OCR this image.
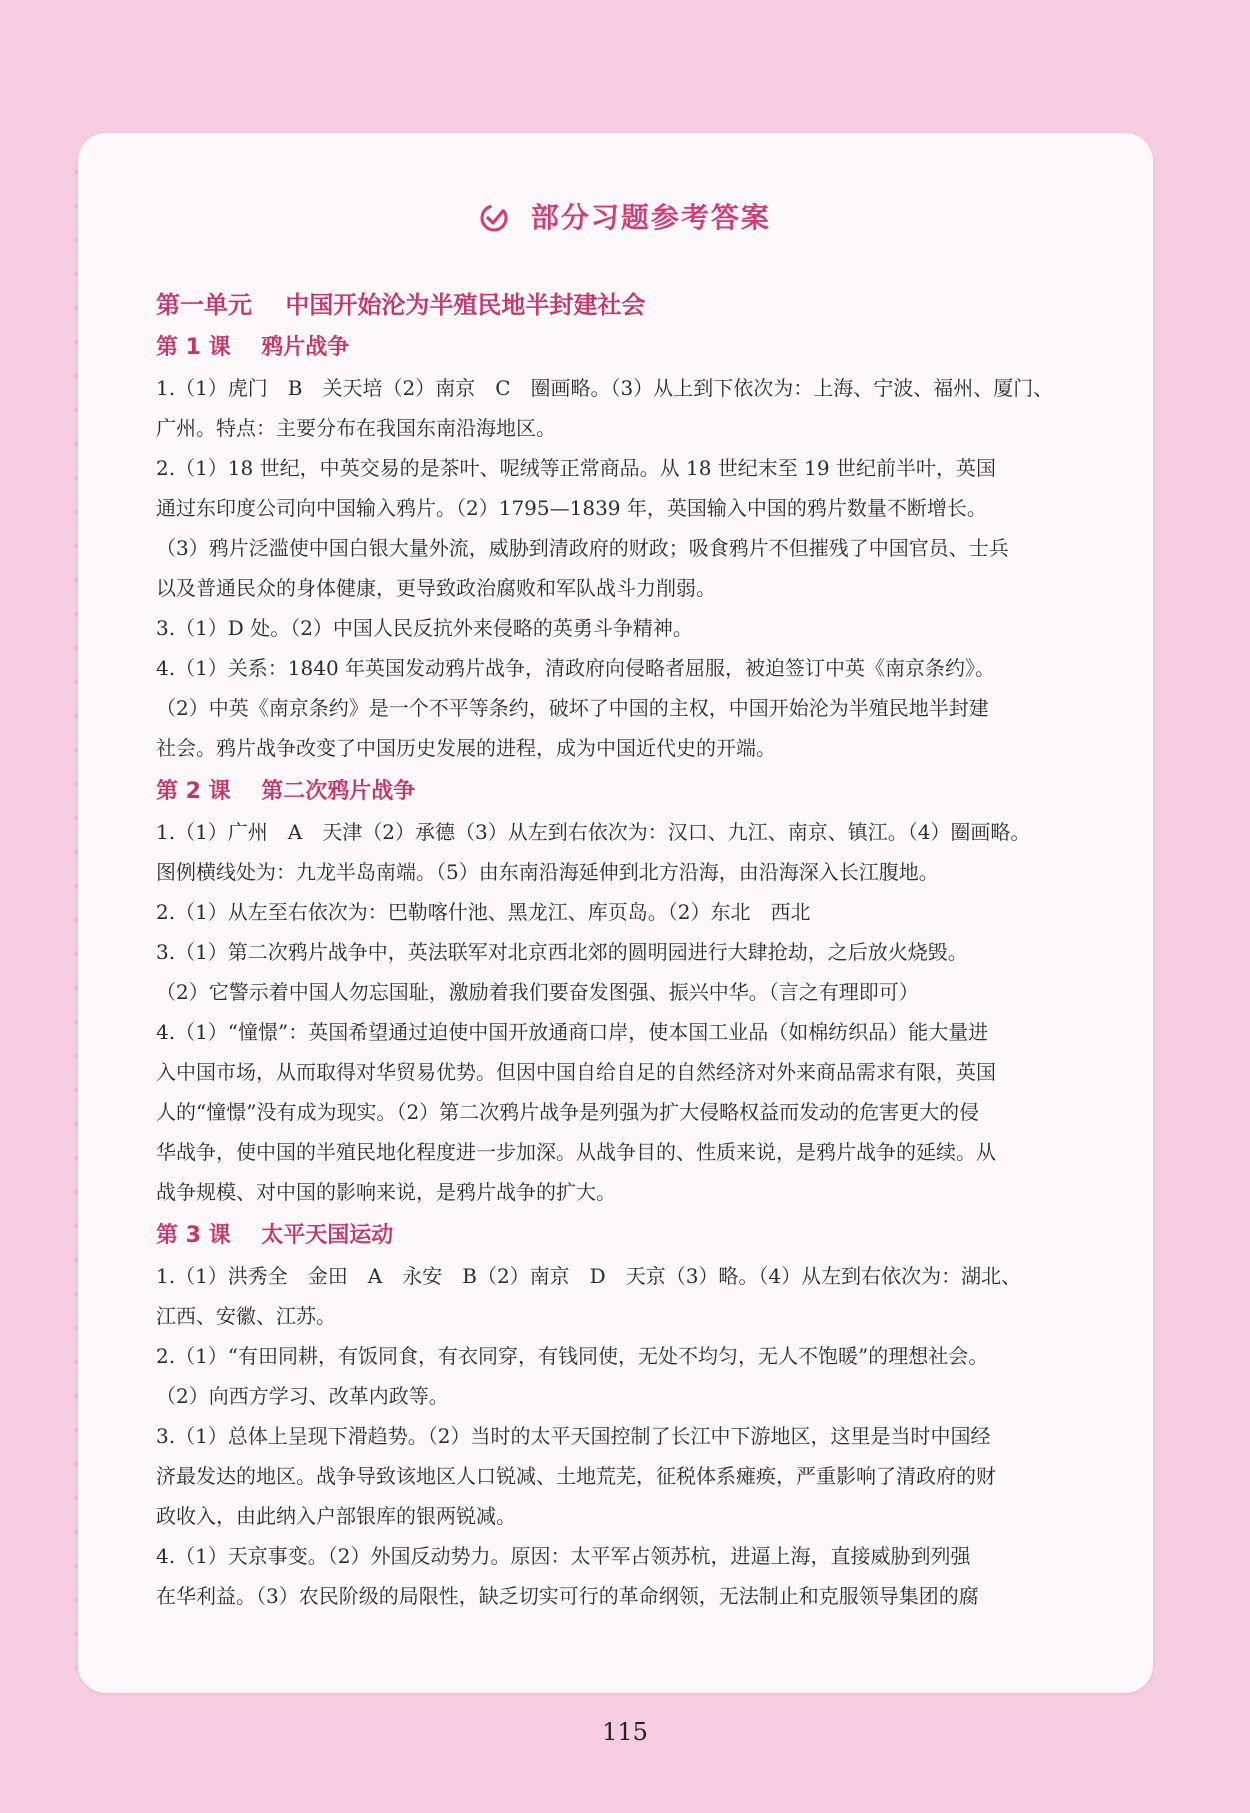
部分习题参考答案
第一单元    中国开始沦为半殖民地半封建社会
第 1 课    鸦片战争
1.（1）虎门　B　关天培（2）南京　C　圈画略。（3）从上到下依次为：上海、宁波、福州、厦门、
广州。特点：主要分布在我国东南沿海地区。
2.（1）18 世纪，中英交易的是茶叶、呢绒等正常商品。从 18 世纪末至 19 世纪前半叶，英国
通过东印度公司向中国输入鸦片。（2）1795—1839 年，英国输入中国的鸦片数量不断增长。
（3）鸦片泛滥使中国白银大量外流，威胁到清政府的财政；吸食鸦片不但摧残了中国官员、士兵
以及普通民众的身体健康，更导致政治腐败和军队战斗力削弱。
3.（1）D 处。（2）中国人民反抗外来侵略的英勇斗争精神。
4.（1）关系：1840 年英国发动鸦片战争，清政府向侵略者屈服，被迫签订中英《南京条约》。
（2）中英《南京条约》是一个不平等条约，破坏了中国的主权，中国开始沦为半殖民地半封建
社会。鸦片战争改变了中国历史发展的进程，成为中国近代史的开端。
第 2 课    第二次鸦片战争
1.（1）广州　A　天津（2）承德（3）从左到右依次为：汉口、九江、南京、镇江。（4）圈画略。
图例横线处为：九龙半岛南端。（5）由东南沿海延伸到北方沿海，由沿海深入长江腹地。
2.（1）从左至右依次为：巴勒喀什池、黑龙江、库页岛。（2）东北　西北
3.（1）第二次鸦片战争中，英法联军对北京西北郊的圆明园进行大肆抢劫，之后放火烧毁。
（2）它警示着中国人勿忘国耻，激励着我们要奋发图强、振兴中华。（言之有理即可）
4.（1）“憧憬”：英国希望通过迫使中国开放通商口岸，使本国工业品（如棉纺织品）能大量进
入中国市场，从而取得对华贸易优势。但因中国自给自足的自然经济对外来商品需求有限，英国
人的“憧憬”没有成为现实。（2）第二次鸦片战争是列强为扩大侵略权益而发动的危害更大的侵
华战争，使中国的半殖民地化程度进一步加深。从战争目的、性质来说，是鸦片战争的延续。从
战争规模、对中国的影响来说，是鸦片战争的扩大。
第 3 课    太平天国运动
1.（1）洪秀全　金田　A　永安　B（2）南京　D　天京（3）略。（4）从左到右依次为：湖北、
江西、安徽、江苏。
2.（1）“有田同耕，有饭同食，有衣同穿，有钱同使，无处不均匀，无人不饱暖”的理想社会。
（2）向西方学习、改革内政等。
3.（1）总体上呈现下滑趋势。（2）当时的太平天国控制了长江中下游地区，这里是当时中国经
济最发达的地区。战争导致该地区人口锐减、土地荒芜，征税体系瘫痪，严重影响了清政府的财
政收入，由此纳入户部银库的银两锐减。
4.（1）天京事变。（2）外国反动势力。原因：太平军占领苏杭，进逼上海，直接威胁到列强
在华利益。（3）农民阶级的局限性，缺乏切实可行的革命纲领，无法制止和克服领导集团的腐
115
